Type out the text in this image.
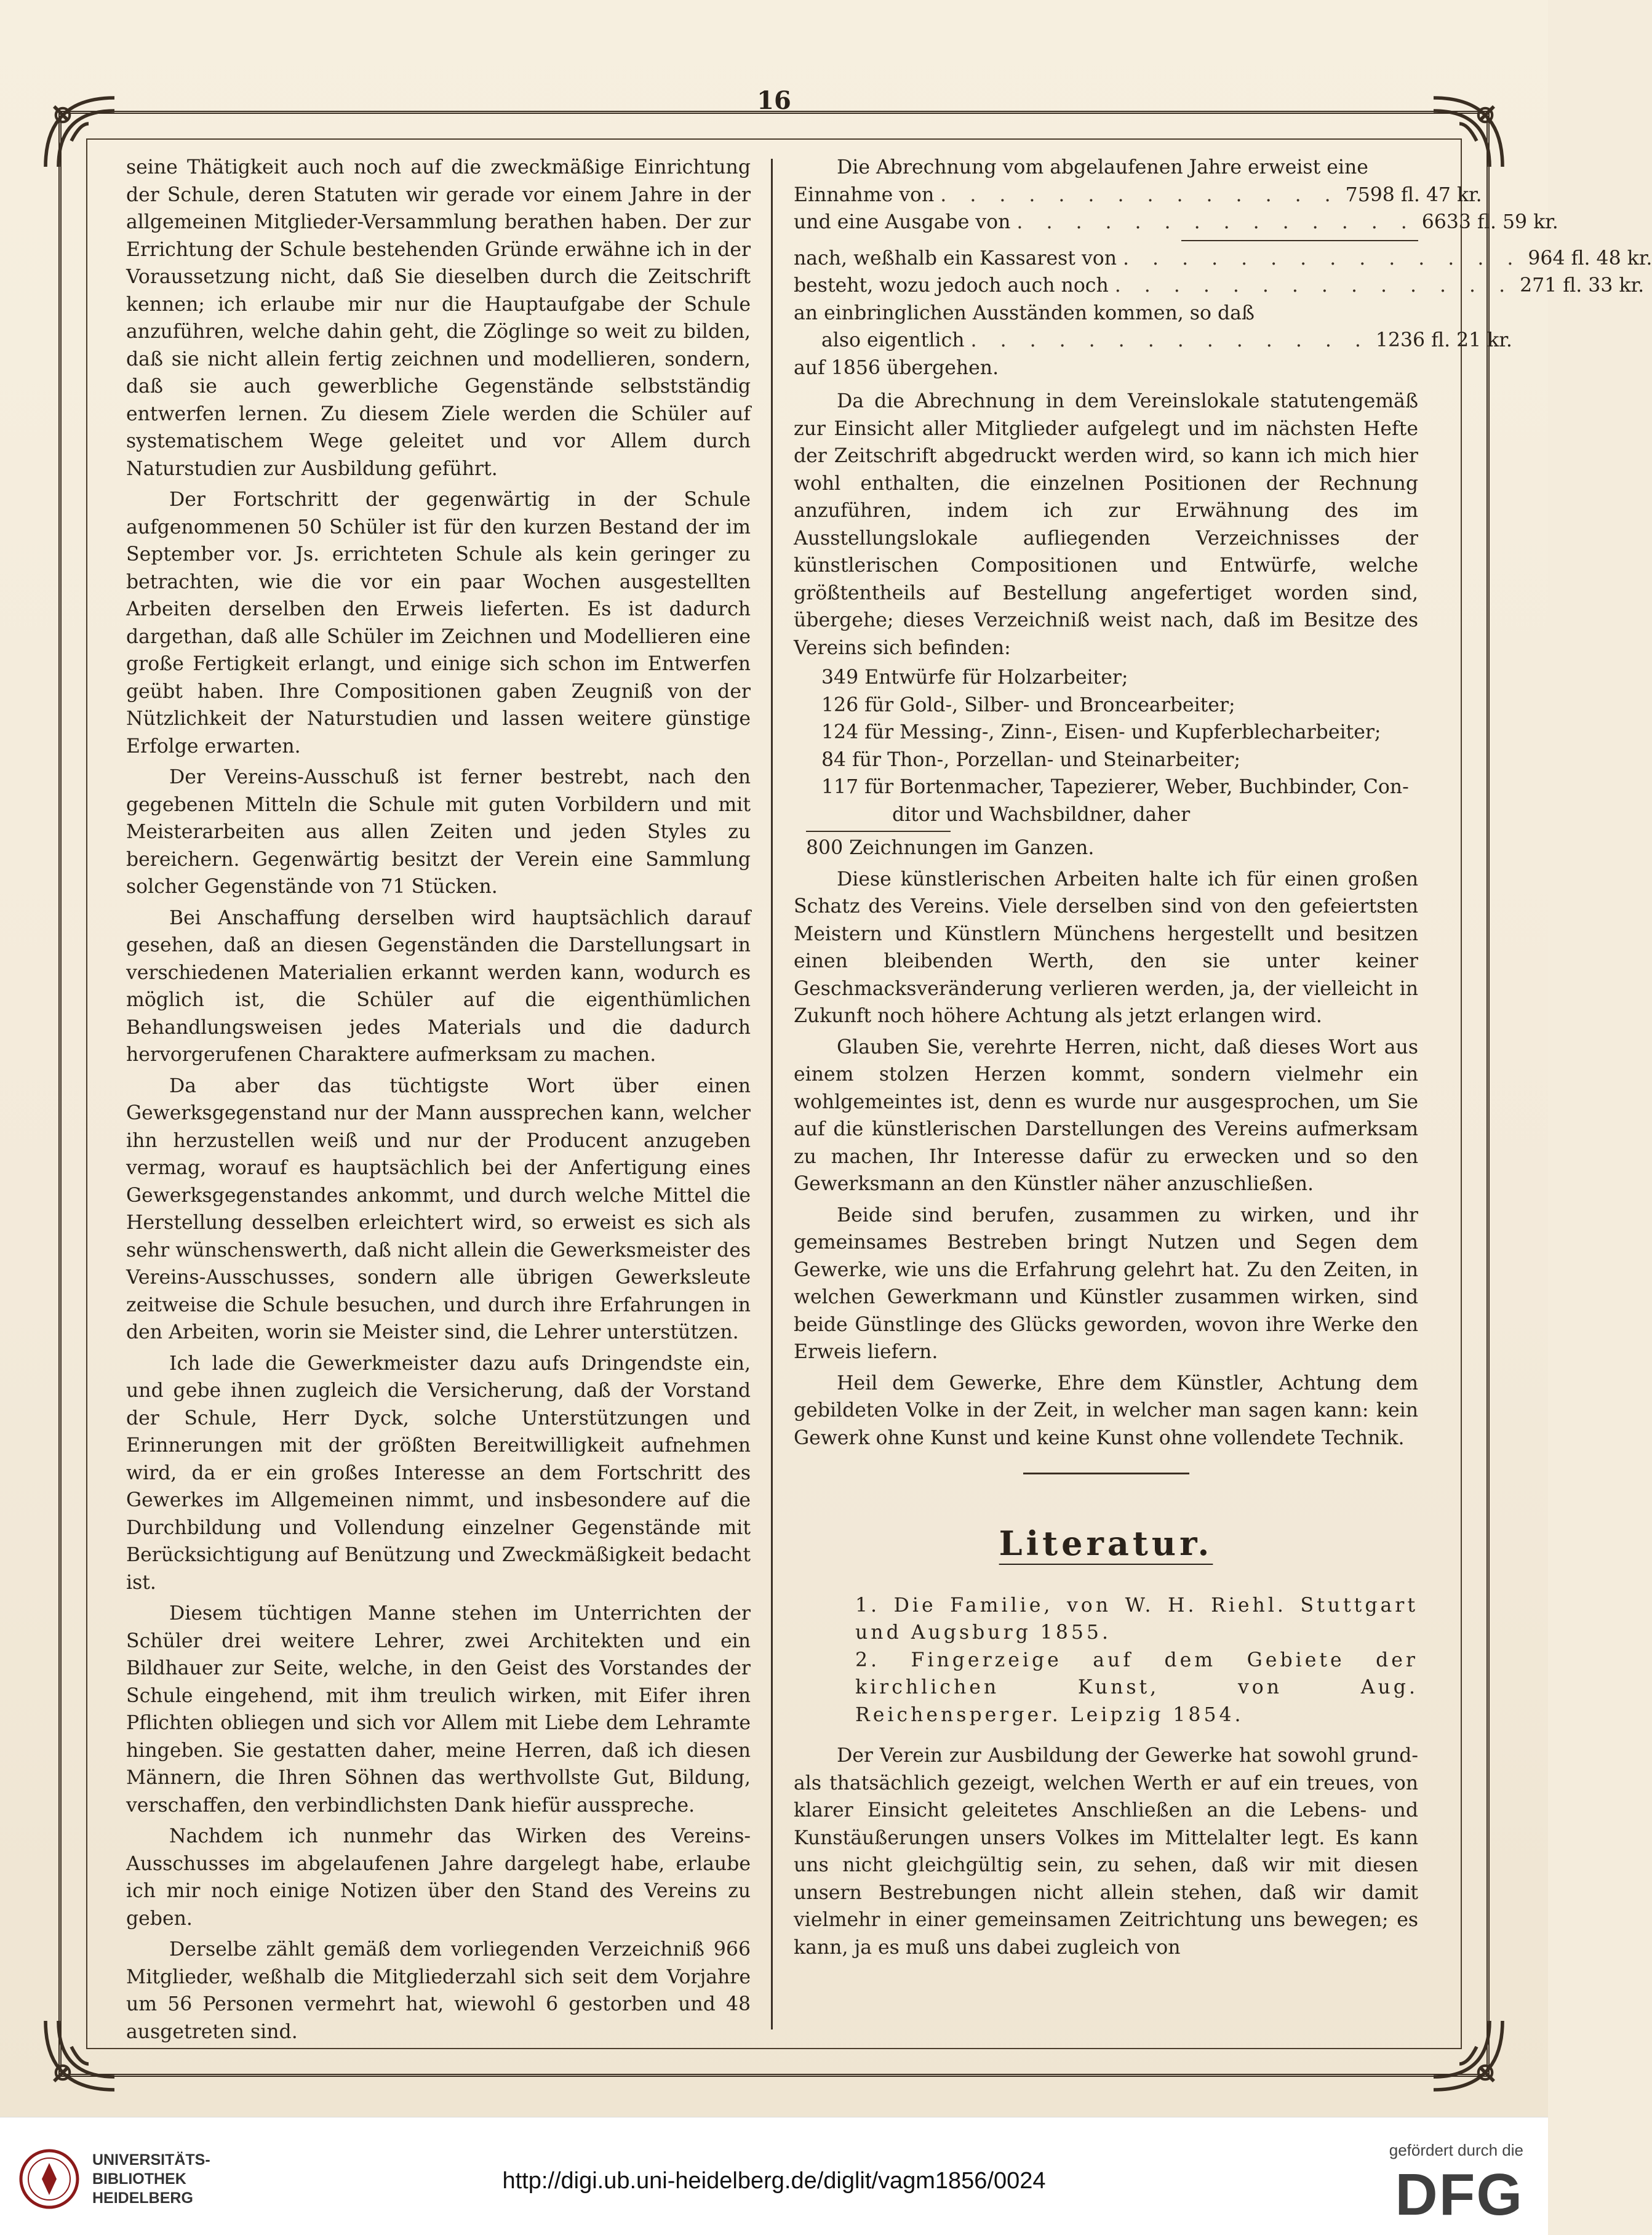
16

seine Thätigkeit auch noch auf die zweckmäßige Einrichtung der Schule, deren Statuten wir gerade vor einem Jahre in der allgemeinen Mitglieder-Versammlung berathen haben. Der zur Errichtung der Schule bestehenden Gründe erwähne ich in der Voraussetzung nicht, daß Sie dieselben durch die Zeitschrift kennen; ich erlaube mir nur die Hauptaufgabe der Schule anzuführen, welche dahin geht, die Zöglinge so weit zu bilden, daß sie nicht allein fertig zeichnen und modellieren, sondern, daß sie auch gewerbliche Gegenstände selbstständig entwerfen lernen. Zu diesem Ziele werden die Schüler auf systematischem Wege geleitet und vor Allem durch Naturstudien zur Ausbildung geführt.

Der Fortschritt der gegenwärtig in der Schule aufgenommenen 50 Schüler ist für den kurzen Bestand der im September vor. Js. errichteten Schule als kein geringer zu betrachten, wie die vor ein paar Wochen ausgestellten Arbeiten derselben den Erweis lieferten. Es ist dadurch dargethan, daß alle Schüler im Zeichnen und Modellieren eine große Fertigkeit erlangt, und einige sich schon im Entwerfen geübt haben. Ihre Compositionen gaben Zeugniß von der Nützlichkeit der Naturstudien und lassen weitere günstige Erfolge erwarten.

Der Vereins-Ausschuß ist ferner bestrebt, nach den gegebenen Mitteln die Schule mit guten Vorbildern und mit Meisterarbeiten aus allen Zeiten und jeden Styles zu bereichern. Gegenwärtig besitzt der Verein eine Sammlung solcher Gegenstände von 71 Stücken.

Bei Anschaffung derselben wird hauptsächlich darauf gesehen, daß an diesen Gegenständen die Darstellungsart in verschiedenen Materialien erkannt werden kann, wodurch es möglich ist, die Schüler auf die eigenthümlichen Behandlungsweisen jedes Materials und die dadurch hervorgerufenen Charaktere aufmerksam zu machen.

Da aber das tüchtigste Wort über einen Gewerksgegenstand nur der Mann aussprechen kann, welcher ihn herzustellen weiß und nur der Producent anzugeben vermag, worauf es hauptsächlich bei der Anfertigung eines Gewerksgegenstandes ankommt, und durch welche Mittel die Herstellung desselben erleichtert wird, so erweist es sich als sehr wünschenswerth, daß nicht allein die Gewerksmeister des Vereins-Ausschusses, sondern alle übrigen Gewerksleute zeitweise die Schule besuchen, und durch ihre Erfahrungen in den Arbeiten, worin sie Meister sind, die Lehrer unterstützen.

Ich lade die Gewerkmeister dazu aufs Dringendste ein, und gebe ihnen zugleich die Versicherung, daß der Vorstand der Schule, Herr Dyck, solche Unterstützungen und Erinnerungen mit der größten Bereitwilligkeit aufnehmen wird, da er ein großes Interesse an dem Fortschritt des Gewerkes im Allgemeinen nimmt, und insbesondere auf die Durchbildung und Vollendung einzelner Gegenstände mit Berücksichtigung auf Benützung und Zweckmäßigkeit bedacht ist.

Diesem tüchtigen Manne stehen im Unterrichten der Schüler drei weitere Lehrer, zwei Architekten und ein Bildhauer zur Seite, welche, in den Geist des Vorstandes der Schule eingehend, mit ihm treulich wirken, mit Eifer ihren Pflichten obliegen und sich vor Allem mit Liebe dem Lehramte hingeben. Sie gestatten daher, meine Herren, daß ich diesen Männern, die Ihren Söhnen das werthvollste Gut, Bildung, verschaffen, den verbindlichsten Dank hiefür ausspreche.

Nachdem ich nunmehr das Wirken des Vereins-Ausschusses im abgelaufenen Jahre dargelegt habe, erlaube ich mir noch einige Notizen über den Stand des Vereins zu geben.

Derselbe zählt gemäß dem vorliegenden Verzeichniß 966 Mitglieder, weßhalb die Mitgliederzahl sich seit dem Vorjahre um 56 Personen vermehrt hat, wiewohl 6 gestorben und 48 ausgetreten sind.

Die Abrechnung vom abgelaufenen Jahre erweist eine

Einnahme von . . . . . . . . . . . . . . 7598 fl. 47 kr.
und eine Ausgabe von . . . . . . . . . . . . . . 6633 fl. 59 kr.
nach, weßhalb ein Kassarest von . . . . . . . . . . . . . . 964 fl. 48 kr.
besteht, wozu jedoch auch noch . . . . . . . . . . . . . . 271 fl. 33 kr.

an einbringlichen Ausständen kommen, so daß

also eigentlich . . . . . . . . . . . . . . 1236 fl. 21 kr.

auf 1856 übergehen.

Da die Abrechnung in dem Vereinslokale statutengemäß zur Einsicht aller Mitglieder aufgelegt und im nächsten Hefte der Zeitschrift abgedruckt werden wird, so kann ich mich hier wohl enthalten, die einzelnen Positionen der Rechnung anzuführen, indem ich zur Erwähnung des im Ausstellungslokale aufliegenden Verzeichnisses der künstlerischen Compositionen und Entwürfe, welche größtentheils auf Bestellung angefertiget worden sind, übergehe; dieses Verzeichniß weist nach, daß im Besitze des Vereins sich befinden:

349 Entwürfe für Holzarbeiter;
126 für Gold-, Silber- und Broncearbeiter;
124 für Messing-, Zinn-, Eisen- und Kupferblecharbeiter;
84 für Thon-, Porzellan- und Steinarbeiter;
117 für Bortenmacher, Tapezierer, Weber, Buchbinder, Con-
ditor und Wachsbildner, daher
800 Zeichnungen im Ganzen.

Diese künstlerischen Arbeiten halte ich für einen großen Schatz des Vereins. Viele derselben sind von den gefeiertsten Meistern und Künstlern Münchens hergestellt und besitzen einen bleibenden Werth, den sie unter keiner Geschmacksveränderung verlieren werden, ja, der vielleicht in Zukunft noch höhere Achtung als jetzt erlangen wird.

Glauben Sie, verehrte Herren, nicht, daß dieses Wort aus einem stolzen Herzen kommt, sondern vielmehr ein wohlgemeintes ist, denn es wurde nur ausgesprochen, um Sie auf die künstlerischen Darstellungen des Vereins aufmerksam zu machen, Ihr Interesse dafür zu erwecken und so den Gewerksmann an den Künstler näher anzuschließen.

Beide sind berufen, zusammen zu wirken, und ihr gemeinsames Bestreben bringt Nutzen und Segen dem Gewerke, wie uns die Erfahrung gelehrt hat. Zu den Zeiten, in welchen Gewerkmann und Künstler zusammen wirken, sind beide Günstlinge des Glücks geworden, wovon ihre Werke den Erweis liefern.

Heil dem Gewerke, Ehre dem Künstler, Achtung dem gebildeten Volke in der Zeit, in welcher man sagen kann: kein Gewerk ohne Kunst und keine Kunst ohne vollendete Technik.

Literatur.

1. Die Familie, von W. H. Riehl. Stuttgart und Augsburg 1855.

2. Fingerzeige auf dem Gebiete der kirchlichen Kunst, von Aug. Reichensperger. Leipzig 1854.

Der Verein zur Ausbildung der Gewerke hat sowohl grund- als thatsächlich gezeigt, welchen Werth er auf ein treues, von klarer Einsicht geleitetes Anschließen an die Lebens- und Kunstäußerungen unsers Volkes im Mittelalter legt. Es kann uns nicht gleichgültig sein, zu sehen, daß wir mit diesen unsern Bestrebungen nicht allein stehen, daß wir damit vielmehr in einer gemeinsamen Zeitrichtung uns bewegen; es kann, ja es muß uns dabei zugleich von

UNIVERSITÄTS-
BIBLIOTHEK
HEIDELBERG
http://digi.ub.uni-heidelberg.de/diglit/vagm1856/0024
gefördert durch die
DFG
